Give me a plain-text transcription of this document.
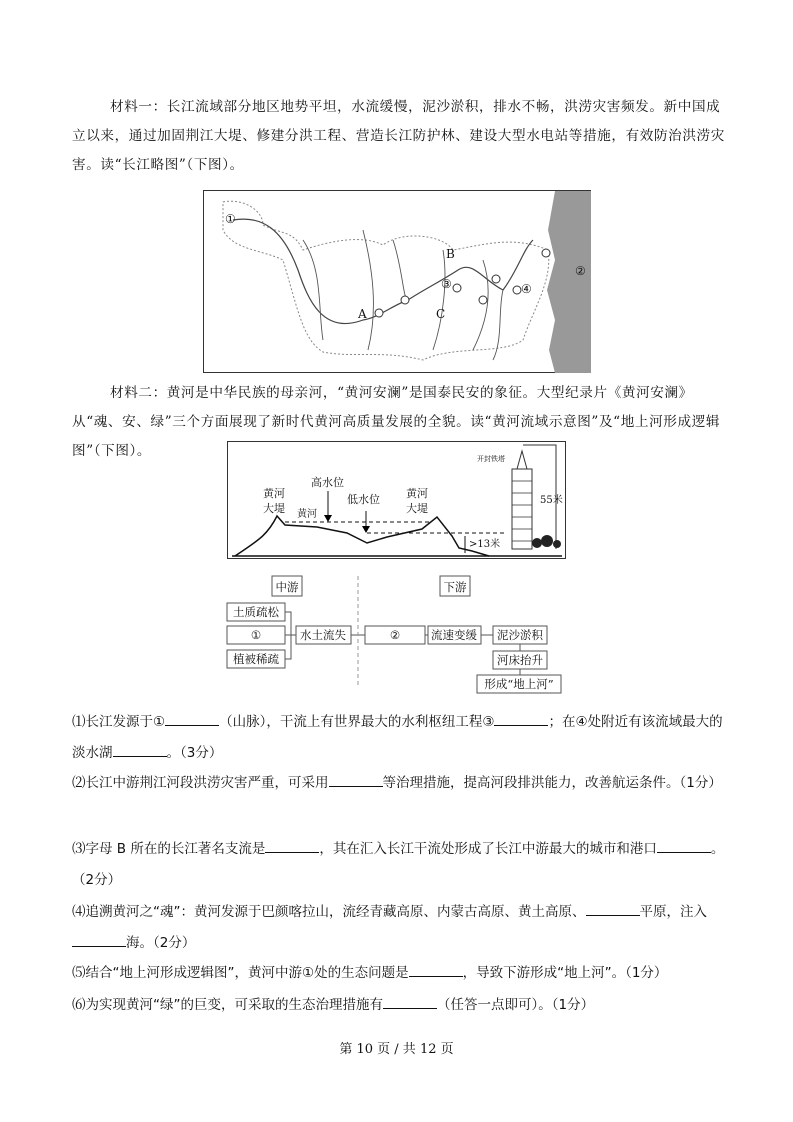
材料一：长江流域部分地区地势平坦，水流缓慢，泥沙淤积，排水不畅，洪涝灾害频发。新中国成立以来，通过加固荆江大堤、修建分洪工程、营造长江防护林、建设大型水电站等措施，有效防治洪涝灾害。读“长江略图”（下图）。
①
②
③	④
A
B
C
材料二：黄河是中华民族的母亲河，“黄河安澜”是国泰民安的象征。大型纪录片《黄河安澜》从“魂、安、绿”三个方面展现了新时代黄河高质量发展的全貌。读“黄河流域示意图”及“地上河形成逻辑图”（下图）。
黄河
大堤
黄河
大堤
黄河
高水位
低水位
开封铁塔
55米
>13米
中游	下游
土质疏松
①
植被稀疏
水土流失	②	流速变缓 泥沙淤积
河床抬升
形成“地上河”
⑴长江发源于①	（山脉），干流上有世界最大的水利枢纽工程③	；在④处附近有该流域最大的淡水湖	。（3分）
⑵长江中游荆江河段洪涝灾害严重，可采用	等治理措施，提高河段排洪能力，改善航运条件。（1分）
⑶字母 B 所在的长江著名支流是	，其在汇入长江干流处形成了长江中游最大的城市和港口	。（2分）
⑷追溯黄河之“魂”：黄河发源于巴颜喀拉山，流经青藏高原、内蒙古高原、黄土高原、	平原，注入海。（2分）
⑸结合“地上河形成逻辑图”，黄河中游①处的生态问题是	，导致下游形成“地上河”。（1分）
⑹为实现黄河“绿”的巨变，可采取的生态治理措施有	（任答一点即可）。（1分）
第 10 页 / 共 12 页
